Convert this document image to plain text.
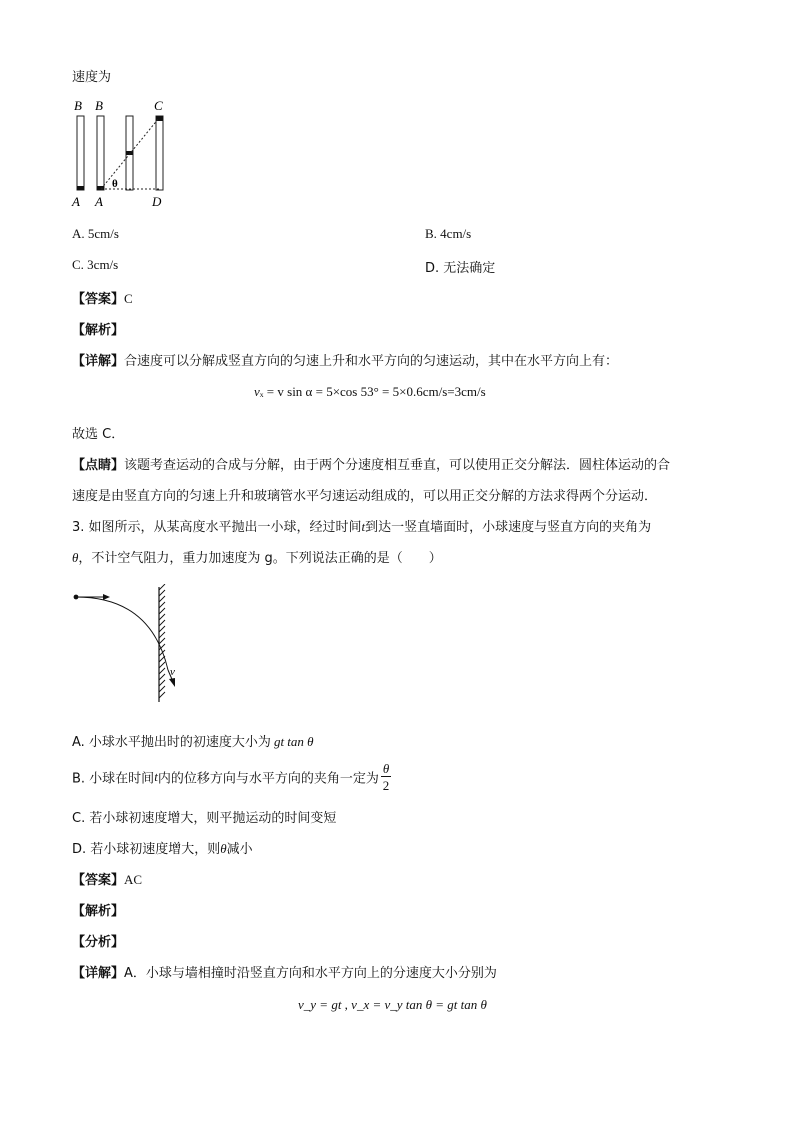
速度为
B B	C
A A	D
θ
A. 5cm/s	B. 4cm/s
C. 3cm/s	D. 无法确定
【答案】C
【解析】
【详解】合速度可以分解成竖直方向的匀速上升和水平方向的匀速运动，其中在水平方向上有：
vₓ = v sin α = 5×cos 53° = 5×0.6cm/s=3cm/s
故选 C．
【点睛】该题考查运动的合成与分解，由于两个分速度相互垂直，可以使用正交分解法．圆柱体运动的合
速度是由竖直方向的匀速上升和玻璃管水平匀速运动组成的，可以用正交分解的方法求得两个分运动．
3. 如图所示，从某高度水平抛出一小球，经过时间t到达一竖直墙面时，小球速度与竖直方向的夹角为
θ，不计空气阻力，重力加速度为 g。下列说法正确的是（　　）
v
A. 小球水平抛出时的初速度大小为 gt tan θ
B. 小球在时间t内的位移方向与水平方向的夹角一定为 $\frac{\theta}{2}$
C. 若小球初速度增大，则平抛运动的时间变短
D. 若小球初速度增大，则θ减小
【答案】AC
【解析】
【分析】
【详解】A．小球与墙相撞时沿竖直方向和水平方向上的分速度大小分别为
v_y = gt , v_x = v_y tan θ = gt tan θ
